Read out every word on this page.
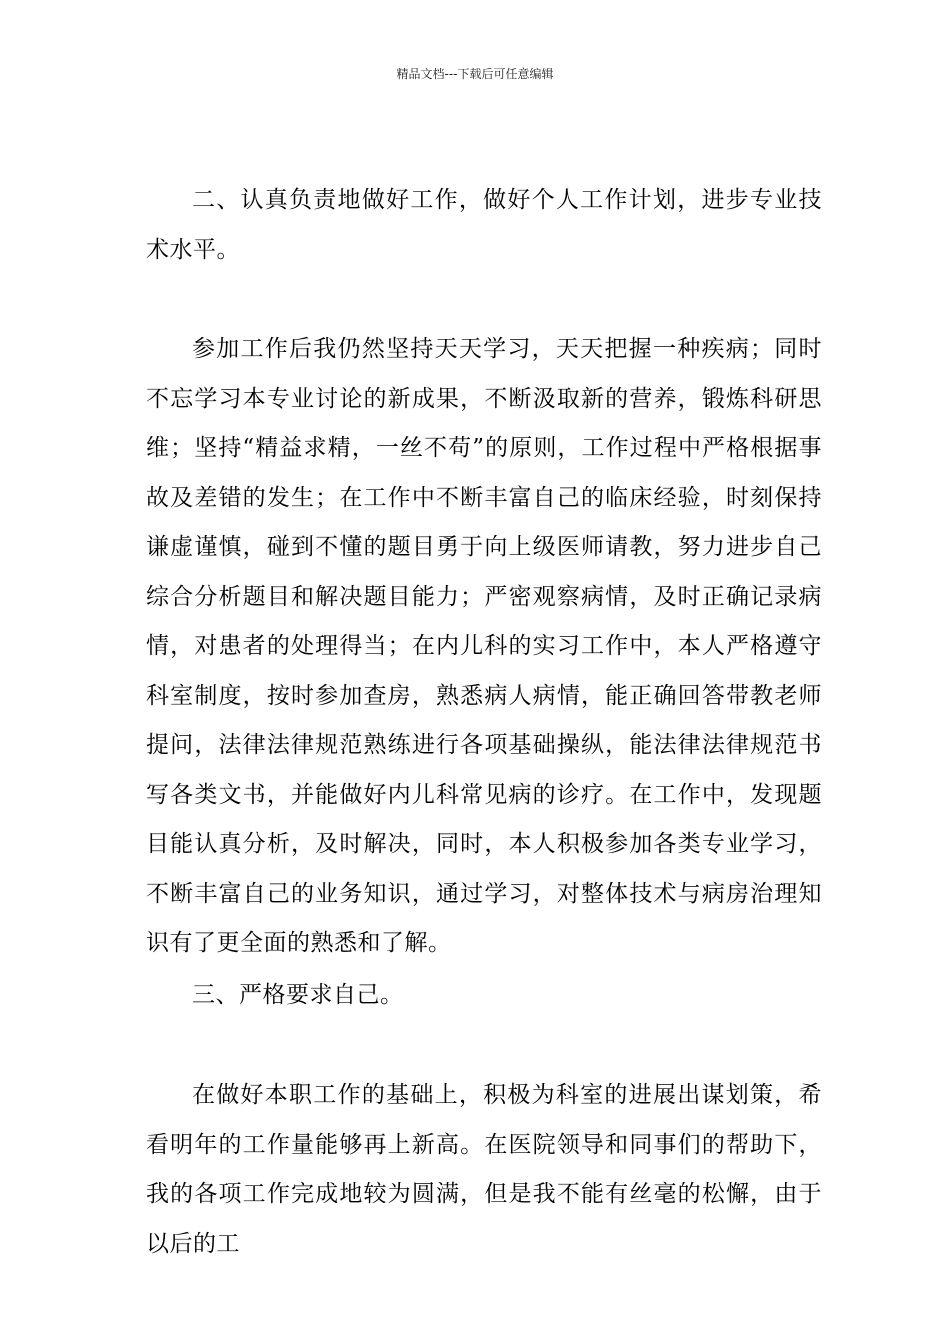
精品文档---下载后可任意编辑

二、认真负责地做好工作，做好个人工作计划，进步专业技术水平。

参加工作后我仍然坚持天天学习，天天把握一种疾病；同时不忘学习本专业讨论的新成果，不断汲取新的营养，锻炼科研思维；坚持“精益求精，一丝不苟”的原则，工作过程中严格根据事故及差错的发生；在工作中不断丰富自己的临床经验，时刻保持谦虚谨慎，碰到不懂的题目勇于向上级医师请教，努力进步自己综合分析题目和解决题目能力；严密观察病情，及时正确记录病情，对患者的处理得当；在内儿科的实习工作中，本人严格遵守科室制度，按时参加查房，熟悉病人病情，能正确回答带教老师提问，法律法律规范熟练进行各项基础操纵，能法律法律规范书写各类文书，并能做好内儿科常见病的诊疗。在工作中，发现题目能认真分析，及时解决，同时，本人积极参加各类专业学习，不断丰富自己的业务知识，通过学习，对整体技术与病房治理知识有了更全面的熟悉和了解。

三、严格要求自己。

在做好本职工作的基础上，积极为科室的进展出谋划策，希看明年的工作量能够再上新高。在医院领导和同事们的帮助下，我的各项工作完成地较为圆满，但是我不能有丝毫的松懈，由于以后的工
